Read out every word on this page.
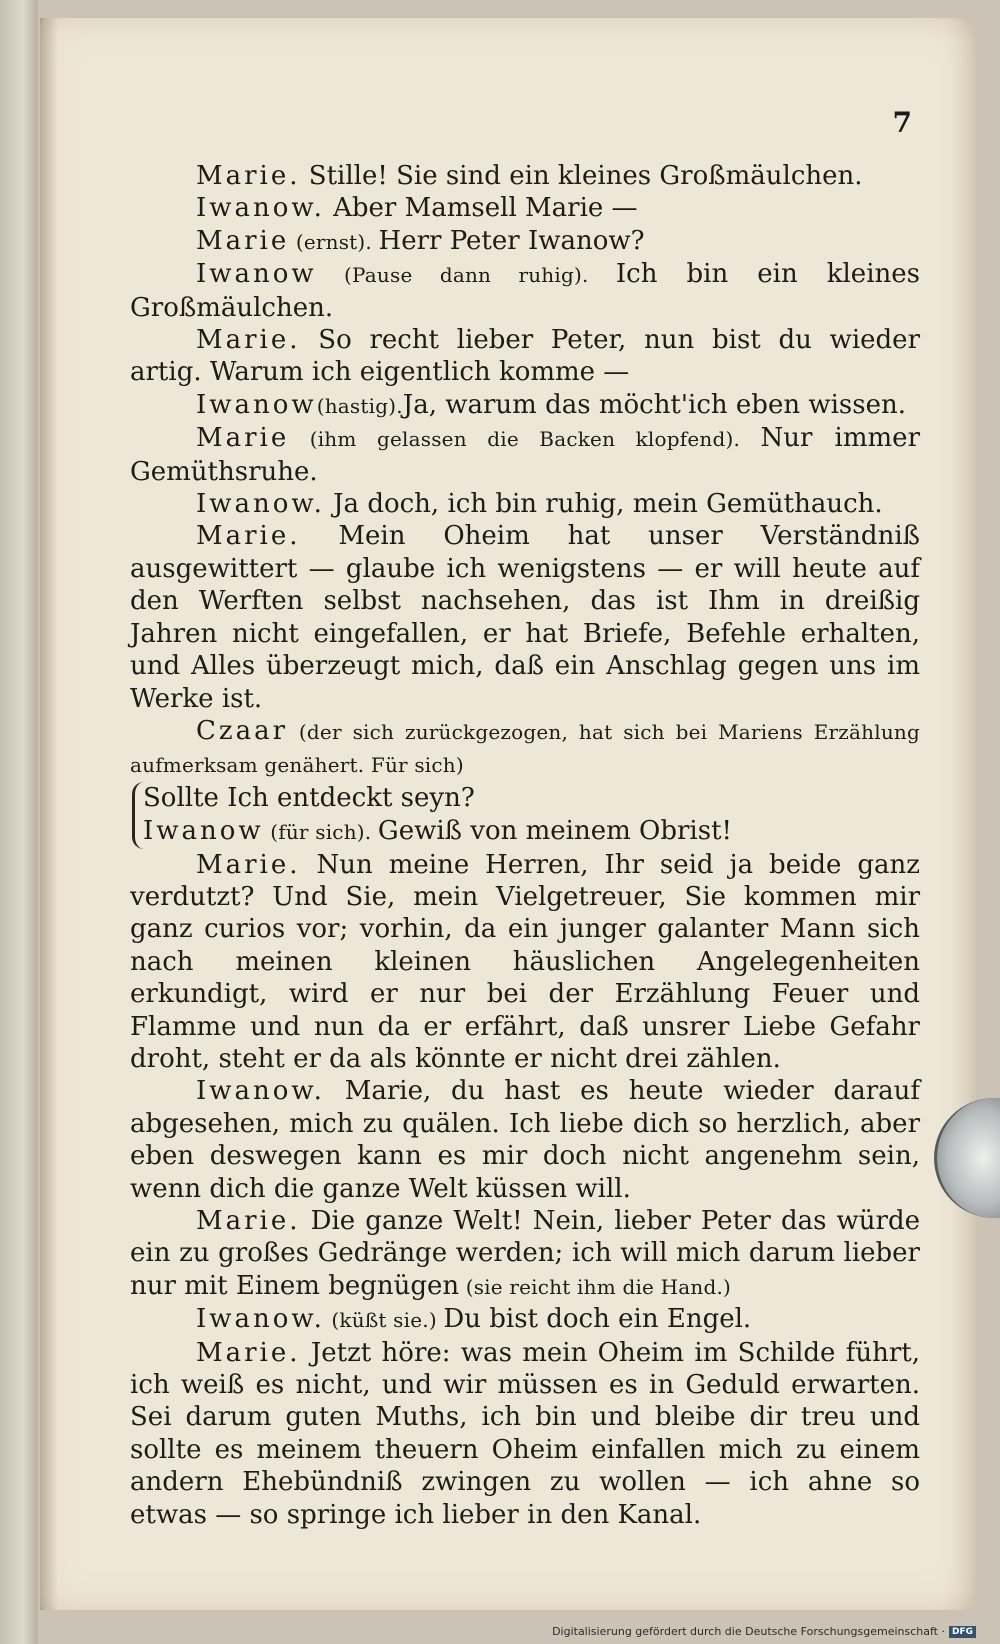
7

Marie. Stille! Sie sind ein kleines Großmäulchen.

Iwanow. Aber Mamsell Marie —

Marie (ernst). Herr Peter Iwanow?

Iwanow (Pause dann ruhig). Ich bin ein kleines Großmäulchen.

Marie. So recht lieber Peter, nun bist du wieder artig. Warum ich eigentlich komme —

Iwanow(hastig).Ja, warum das möcht'ich eben wissen.

Marie (ihm gelassen die Backen klopfend). Nur immer Gemüthsruhe.

Iwanow. Ja doch, ich bin ruhig, mein Gemüthauch.

Marie. Mein Oheim hat unser Verständniß ausgewittert — glaube ich wenigstens — er will heute auf den Werften selbst nachsehen, das ist Ihm in dreißig Jahren nicht eingefallen, er hat Briefe, Befehle erhalten, und Alles überzeugt mich, daß ein Anschlag gegen uns im Werke ist.

Czaar (der sich zurückgezogen, hat sich bei Mariens Erzählung aufmerksam genähert. Für sich)

Sollte Ich entdeckt seyn?

Iwanow (für sich). Gewiß von meinem Obrist!

Marie. Nun meine Herren, Ihr seid ja beide ganz verdutzt? Und Sie, mein Vielgetreuer, Sie kommen mir ganz curios vor; vorhin, da ein junger galanter Mann sich nach meinen kleinen häuslichen Angelegenheiten erkundigt, wird er nur bei der Erzählung Feuer und Flamme und nun da er erfährt, daß unsrer Liebe Gefahr droht, steht er da als könnte er nicht drei zählen.

Iwanow. Marie, du hast es heute wieder darauf abgesehen, mich zu quälen. Ich liebe dich so herzlich, aber eben deswegen kann es mir doch nicht angenehm sein, wenn dich die ganze Welt küssen will.

Marie. Die ganze Welt! Nein, lieber Peter das würde ein zu großes Gedränge werden; ich will mich darum lieber nur mit Einem begnügen (sie reicht ihm die Hand.)

Iwanow. (küßt sie.) Du bist doch ein Engel.

Marie. Jetzt höre: was mein Oheim im Schilde führt, ich weiß es nicht, und wir müssen es in Geduld erwarten. Sei darum guten Muths, ich bin und bleibe dir treu und sollte es meinem theuern Oheim einfallen mich zu einem andern Ehebündniß zwingen zu wollen — ich ahne so etwas — so springe ich lieber in den Kanal.

Digitalisierung gefördert durch die Deutsche Forschungsgemeinschaft · DFG
